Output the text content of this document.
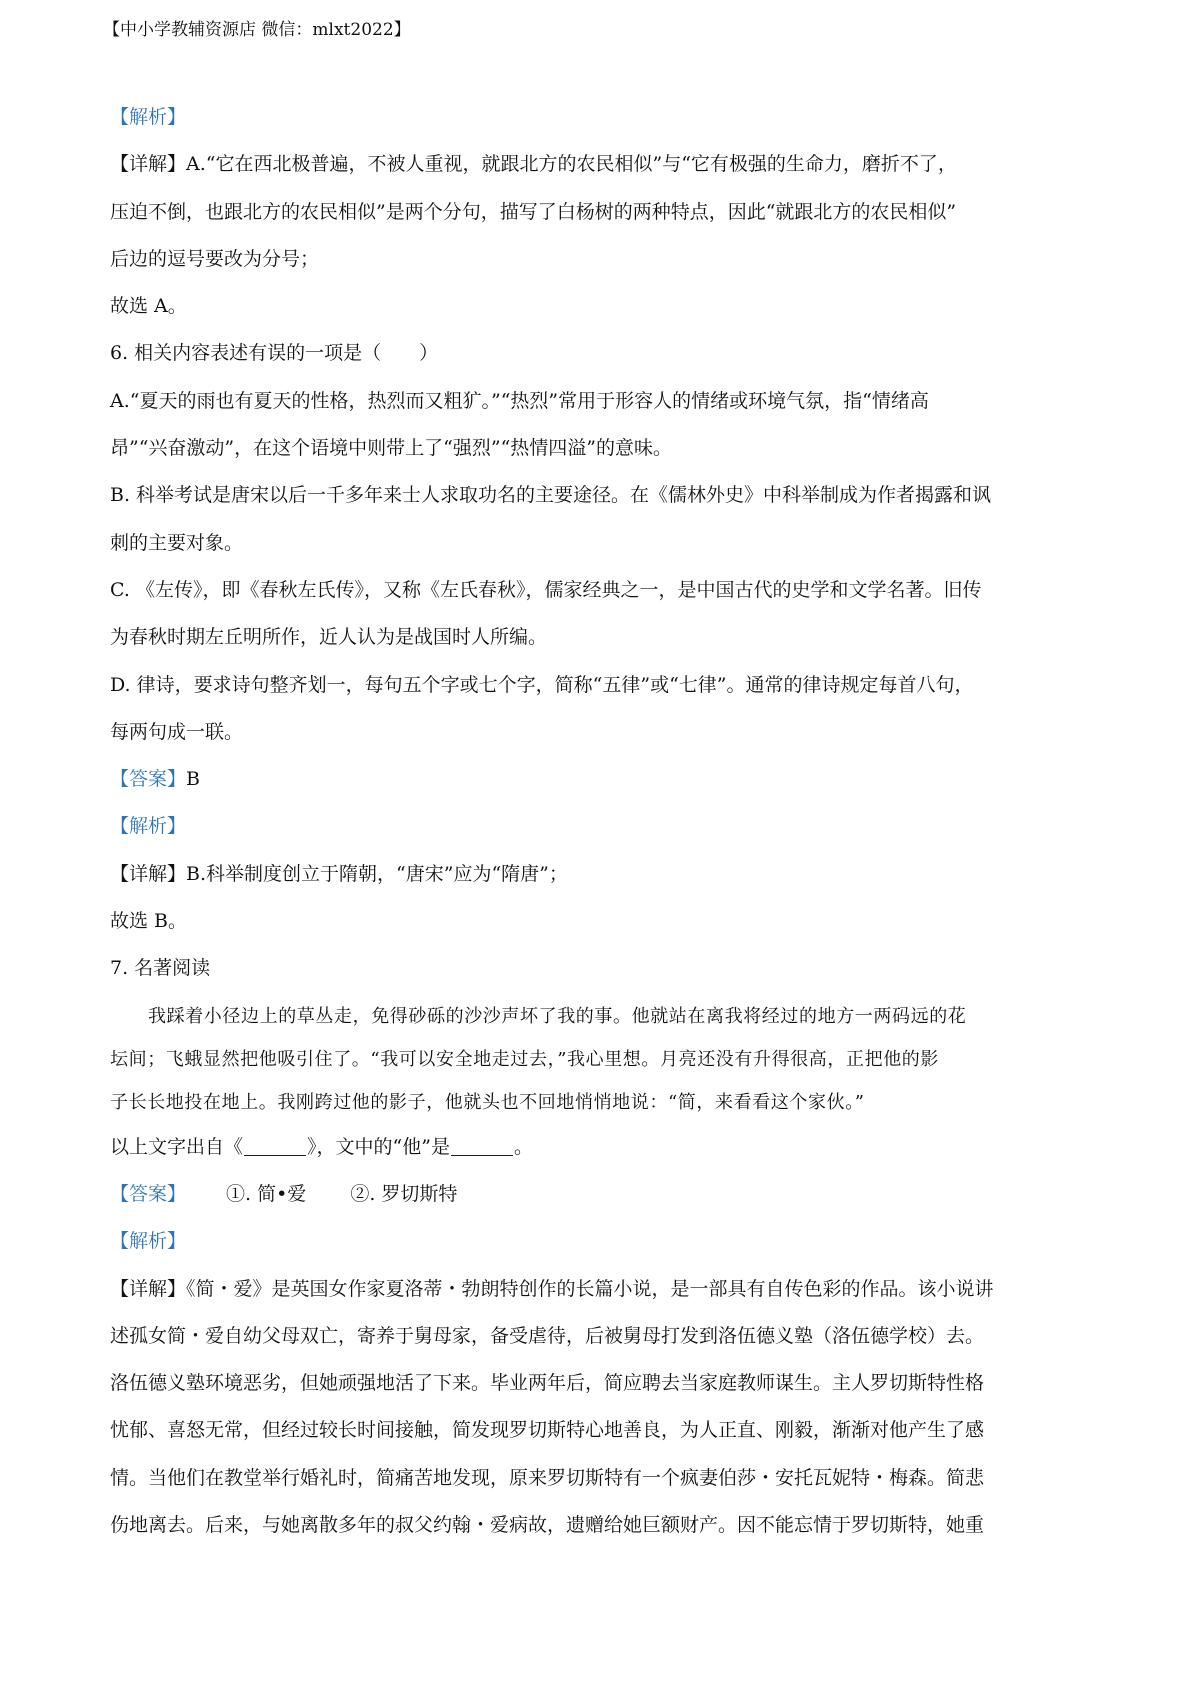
【中小学教辅资源店 微信：mlxt2022】
【解析】
【详解】A.“它在西北极普遍，不被人重视，就跟北方的农民相似”与“它有极强的生命力，磨折不了，
压迫不倒，也跟北方的农民相似”是两个分句，描写了白杨树的两种特点，因此“就跟北方的农民相似”
后边的逗号要改为分号；
故选 A。
6. 相关内容表述有误的一项是（　　）
A.“夏天的雨也有夏天的性格，热烈而又粗犷。”“热烈”常用于形容人的情绪或环境气氛，指“情绪高
昂”“兴奋激动”，在这个语境中则带上了“强烈”“热情四溢”的意味。
B. 科举考试是唐宋以后一千多年来士人求取功名的主要途径。在《儒林外史》中科举制成为作者揭露和讽
刺的主要对象。
C. 《左传》，即《春秋左氏传》，又称《左氏春秋》，儒家经典之一，是中国古代的史学和文学名著。旧传
为春秋时期左丘明所作，近人认为是战国时人所编。
D. 律诗，要求诗句整齐划一，每句五个字或七个字，简称“五律”或“七律”。通常的律诗规定每首八句，
每两句成一联。
【答案】B
【解析】
【详解】B.科举制度创立于隋朝，“唐宋”应为“隋唐”；
故选 B。
7. 名著阅读
我踩着小径边上的草丛走，免得砂砾的沙沙声坏了我的事。他就站在离我将经过的地方一两码远的花
坛间；飞蛾显然把他吸引住了。“我可以安全地走过去，”我心里想。月亮还没有升得很高，正把他的影
子长长地投在地上。我刚跨过他的影子，他就头也不回地悄悄地说：“简，来看看这个家伙。”
以上文字出自《	》，文中的“他”是	。
【答案】 ①. 简•爱 ②. 罗切斯特
【解析】
【详解】《简・爱》是英国女作家夏洛蒂・勃朗特创作的长篇小说，是一部具有自传色彩的作品。该小说讲
述孤女简・爱自幼父母双亡，寄养于舅母家，备受虐待，后被舅母打发到洛伍德义塾（洛伍德学校）去。
洛伍德义塾环境恶劣，但她顽强地活了下来。毕业两年后，简应聘去当家庭教师谋生。主人罗切斯特性格
忧郁、喜怒无常，但经过较长时间接触，简发现罗切斯特心地善良，为人正直、刚毅，渐渐对他产生了感
情。当他们在教堂举行婚礼时，简痛苦地发现，原来罗切斯特有一个疯妻伯莎・安托瓦妮特・梅森。简悲
伤地离去。后来，与她离散多年的叔父约翰・爱病故，遗赠给她巨额财产。因不能忘情于罗切斯特，她重
